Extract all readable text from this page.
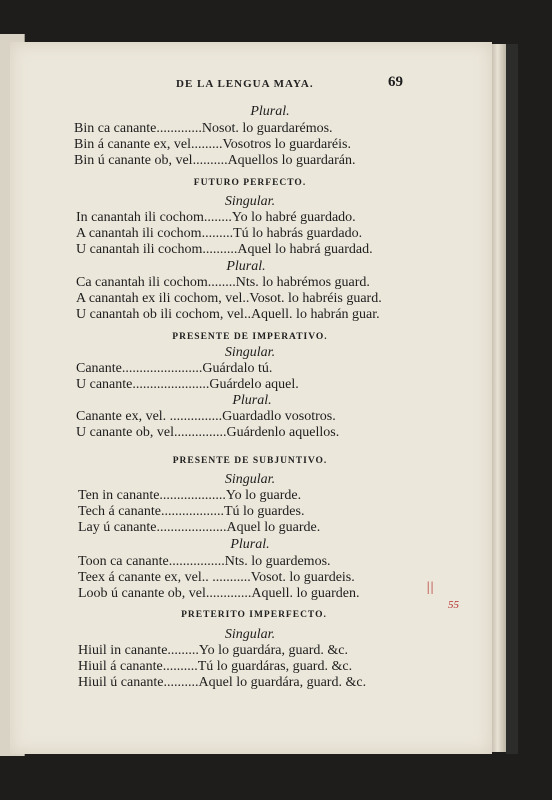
DE LA LENGUA MAYA.	69
Plural.
Bin ca canante.............Nosot. lo guardarémos.
Bin á canante ex, vel.........Vosotros lo guardaréis.
Bin ú canante ob, vel..........Aquellos lo guardarán.
FUTURO PERFECTO.
Singular.
In canantah ili cochom........Yo lo habré guardado.
A canantah ili cochom.........Tú lo habrás guardado.
U canantah ili cochom..........Aquel lo habrá guardad.
Plural.
Ca canantah ili cochom........Nts. lo habrémos guard.
A canantah ex ili cochom, vel..Vosot. lo habréis guard.
U canantah ob ili cochom, vel..Aquell. lo habrán guar.
PRESENTE DE IMPERATIVO.
Singular.
Canante.......................Guárdalo tú.
U canante......................Guárdelo aquel.
Plural.
Canante ex, vel. ...............Guardadlo vosotros.
U canante ob, vel...............Guárdenlo aquellos.
PRESENTE DE SUBJUNTIVO.
Singular.
Ten in canante...................Yo lo guarde.
Tech á canante..................Tú lo guardes.
Lay ú canante....................Aquel lo guarde.
Plural.
Toon ca canante................Nts. lo guardemos.
Teex á canante ex, vel.. ...........Vosot. lo guardeis.
Loob ú canante ob, vel.............Aquell. lo guarden.
PRETERITO IMPERFECTO.
Singular.
Hiuil in canante.........Yo lo guardára, guard. &c.
Hiuil á canante..........Tú lo guardáras, guard. &c.
Hiuil ú canante..........Aquel lo guardára, guard. &c.
||
55
